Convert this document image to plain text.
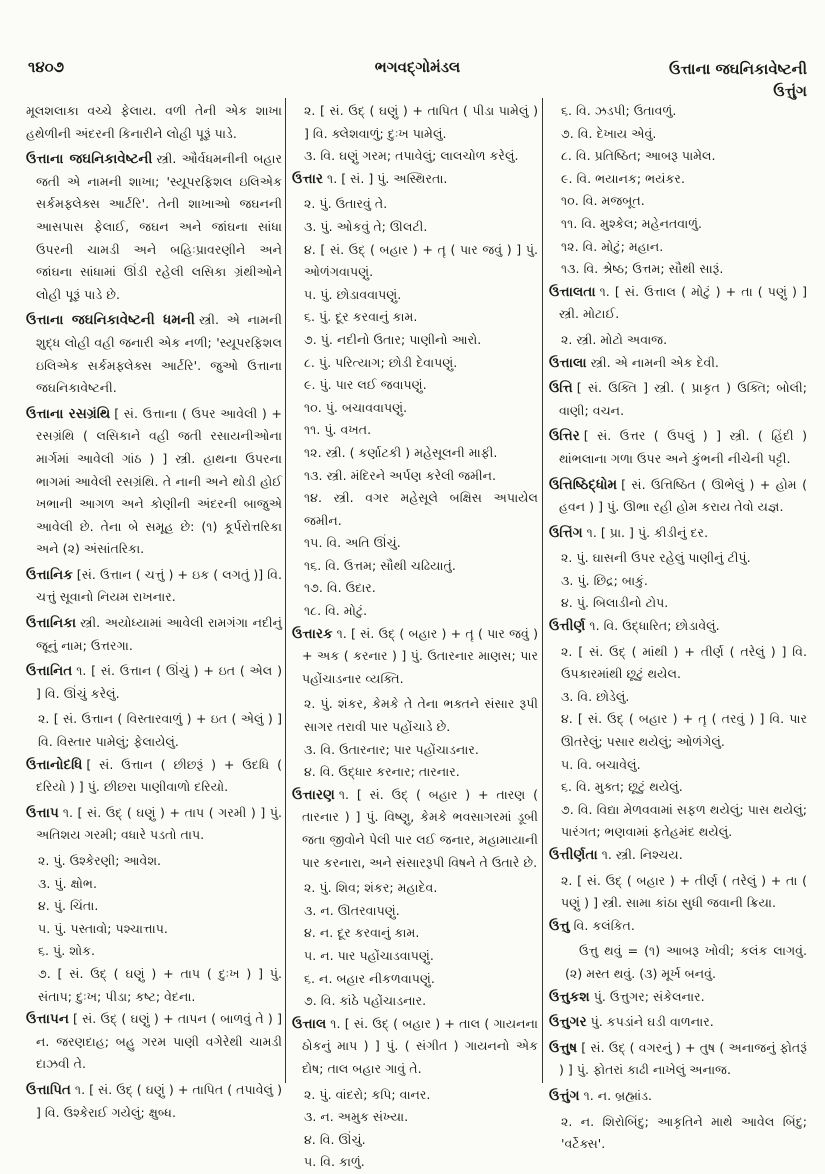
૧૪૦૭	ભગવદ્ગોમંડલ	ઉત્તાના જઘનિકાવેષ્ટની
ઉત્તુંગ
મૂલશલાકા વચ્ચે ફેલાય. વળી તેની એક શાખા હથેળીની અંદરની કિનારીને લોહી પૂરૂં પાડે.
ઉત્તાના જઘનિકાવેષ્ટની સ્ત્રી. ઔર્વધમનીની બહાર જતી એ નામની શાખા; 'સ્યૂપરફિશલ ઇલિએક સર્કમફ્લેક્સ આર્ટરિ'. તેની શાખાઓ જઘનની આસપાસ ફેલાઈ, જઘન અને જાંઘના સાંધા ઉપરની ચામડી અને બહિઃપ્રાવરણીને અને જાંઘના સાંધામાં ઊંડી રહેલી લસિકા ગ્રંથીઓને લોહી પૂરૂં પાડે છે.
ઉત્તાના જઘનિકાવેષ્ટની ધમની સ્ત્રી. એ નામની શુદ્ધ લોહી વહી જનારી એક નળી; 'સ્યૂપરફિશલ ઇલિએક સર્કમફ્લેક્સ આર્ટરિ'. જુઓ ઉત્તાના જઘનિકાવેષ્ટની.
ઉત્તાના રસગ્રંથિ [ સં. ઉત્તાના ( ઉપર આવેલી ) + રસગ્રંથિ ( લસિકાને વહી જતી રસાયનીઓના માર્ગમાં આવેલી ગાંઠ ) ] સ્ત્રી. હાથના ઉપરના ભાગમાં આવેલી રસગ્રંથિ. તે નાની અને થોડી હોઈ ખભાની આગળ અને કોણીની અંદરની બાજુએ આવેલી છે. તેના બે સમૂહ છે: (૧) કૂર્પરોત્તરિકા અને (૨) અંસાંતરિકા.
ઉત્તાનિક [સં. ઉત્તાન ( ચત્તું ) + ઇક ( લગતું )] વિ. ચત્તું સૂવાનો નિયમ રાખનાર.
ઉત્તાનિકા સ્ત્રી. અયોધ્યામાં આવેલી રામગંગા નદીનું જૂનું નામ; ઉત્તરગા.
ઉત્તાનિત ૧. [ સં. ઉત્તાન ( ઊંચું ) + ઇત ( એલ ) ] વિ. ઊંચું કરેલું.
૨. [ સં. ઉત્તાન ( વિસ્તારવાળું ) + ઇત ( એલું ) ] વિ. વિસ્તાર પામેલું; ફેલાયેલું.
ઉત્તાનોદધિ [ સં. ઉત્તાન ( છીછરૂં ) + ઉદધિ ( દરિયો ) ] પું. છીછરા પાણીવાળો દરિયો.
ઉત્તાપ ૧. [ સં. ઉદ્ ( ઘણું ) + તાપ ( ગરમી ) ] પું. અતિશય ગરમી; વધારે પડતો તાપ.
૨. પું. ઉશ્કેરણી; આવેશ.
૩. પું. ક્ષોભ.
૪. પું. ચિંતા.
૫. પું. પસ્તાવો; પશ્ચાત્તાપ.
૬. પું. શોક.
૭. [ સં. ઉદ્ ( ઘણું ) + તાપ ( દુઃખ ) ] પું. સંતાપ; દુઃખ; પીડા; કષ્ટ; વેદના.
ઉત્તાપન [ સં. ઉદ્ ( ઘણું ) + તાપન ( બાળવું તે ) ] ન. જરણદાહ; બહુ ગરમ પાણી વગેરેથી ચામડી દાઝવી તે.
ઉત્તાપિત ૧. [ સં. ઉદ્ ( ઘણું ) + તાપિત ( તપાવેલું ) ] વિ. ઉશ્કેરાઈ ગયેલું; ક્ષુબ્ધ.
૨. [ સં. ઉદ્ ( ઘણું ) + તાપિત ( પીડા પામેલું ) ] વિ. ક્લેશવાળું; દુઃખ પામેલું.
૩. વિ. ઘણું ગરમ; તપાવેલું; લાલચોળ કરેલું.
ઉત્તાર ૧. [ સં. ] પું. અસ્થિરતા.
૨. પું. ઉતારવું તે.
૩. પું. ઓકવું તે; ઊલટી.
૪. [ સં. ઉદ્ ( બહાર ) + તૄ ( પાર જવું ) ] પું. ઓળંગવાપણું.
૫. પું. છોડાવવાપણું.
૬. પું. દૂર કરવાનું કામ.
૭. પું. નદીનો ઉતાર; પાણીનો આરો.
૮. પું. પરિત્યાગ; છોડી દેવાપણું.
૯. પું. પાર લઈ જવાપણું.
૧૦. પું. બચાવવાપણું.
૧૧. પું. વખત.
૧૨. સ્ત્રી. ( કર્ણાટકી ) મહેસૂલની માફી.
૧૩. સ્ત્રી. મંદિરને અર્પણ કરેલી જમીન.
૧૪. સ્ત્રી. વગર મહેસૂલે બક્ષિસ અપાયેલ જમીન.
૧૫. વિ. અતિ ઊંચું.
૧૬. વિ. ઉત્તમ; સૌથી ચઢિયાતું.
૧૭. વિ. ઉદાર.
૧૮. વિ. મોટું.
ઉત્તારક ૧. [ સં. ઉદ્ ( બહાર ) + તૄ ( પાર જવું ) + અક ( કરનાર ) ] પું. ઉતારનાર માણસ; પાર પહોંચાડનાર વ્યક્તિ.
૨. પું. શંકર, કેમકે તે તેના ભક્તને સંસાર રૂપી સાગર તરાવી પાર પહોંચાડે છે.
૩. વિ. ઉતારનાર; પાર પહોંચાડનાર.
૪. વિ. ઉદ્ધાર કરનાર; તારનાર.
ઉત્તારણ ૧. [ સં. ઉદ્ ( બહાર ) + તારણ ( તારનાર ) ] પું. વિષ્ણુ, કેમકે ભવસાગરમાં ડૂબી જતા જીવોને પેલી પાર લઈ જનાર, મહામાયાની પાર કરનારા, અને સંસારરૂપી વિષને તે ઉતારે છે.
૨. પું. શિવ; શંકર; મહાદેવ.
૩. ન. ઊતરવાપણું.
૪. ન. દૂર કરવાનું કામ.
૫. ન. પાર પહોંચાડવાપણું.
૬. ન. બહાર નીકળવાપણું.
૭. વિ. કાંઠે પહોંચાડનાર.
ઉત્તાલ ૧. [ સં. ઉદ્ ( બહાર ) + તાલ ( ગાયનના ઠોકનું માપ ) ] પું. ( સંગીત ) ગાયનનો એક દોષ; તાલ બહાર ગાવું તે.
૨. પું. વાંદરો; કપિ; વાનર.
૩. ન. અમુક સંખ્યા.
૪. વિ. ઊંચું.
૫. વિ. કાળું.
૬. વિ. ઝડપી; ઉતાવળું.
૭. વિ. દેખાય એવું.
૮. વિ. પ્રતિષ્ઠિત; આબરૂ પામેલ.
૯. વિ. ભયાનક; ભયંકર.
૧૦. વિ. મજબૂત.
૧૧. વિ. મુશ્કેલ; મહેનતવાળું.
૧૨. વિ. મોટું; મહાન.
૧૩. વિ. શ્રેષ્ઠ; ઉત્તમ; સૌથી સારૂં.
ઉત્તાલતા ૧. [ સં. ઉત્તાલ ( મોટું ) + તા ( પણું ) ] સ્ત્રી. મોટાઈ.
૨. સ્ત્રી. મોટો અવાજ.
ઉત્તાલા સ્ત્રી. એ નામની એક દેવી.
ઉત્તિ [ સં. ઉક્તિ ] સ્ત્રી. ( પ્રાકૃત ) ઉક્તિ; બોલી; વાણી; વચન.
ઉત્તિર [ સં. ઉત્તર ( ઉપલું ) ] સ્ત્રી. ( હિંદી ) થાંભલાના ગળા ઉપર અને કુંભની નીચેની પટ્ટી.
ઉત્તિષ્ઠિદ્ધોમ [ સં. ઉત્તિષ્ઠિત ( ઊભેલું ) + હોમ ( હવન ) ] પું. ઊભા રહી હોમ કરાય તેવો યજ્ઞ.
ઉત્તિંગ ૧. [ પ્રા. ] પું. કીડીનું દર.
૨. પું. ઘાસની ઉપર રહેલું પાણીનું ટીપું.
૩. પું. છિદ્ર; બાકું.
૪. પું. બિલાડીનો ટોપ.
ઉત્તીર્ણ ૧. વિ. ઉદ્ધારિત; છોડાવેલું.
૨. [ સં. ઉદ્ ( માંથી ) + તીર્ણ ( તરેલું ) ] વિ. ઉપકારમાંથી છૂટું થયેલ.
૩. વિ. છોડેલું.
૪. [ સં. ઉદ્ ( બહાર ) + તૄ ( તરવું ) ] વિ. પાર ઊતરેલું; પસાર થયેલું; ઓળંગેલું.
૫. વિ. બચાવેલું.
૬. વિ. મુક્ત; છૂટું થયેલું.
૭. વિ. વિદ્યા મેળવવામાં સફળ થયેલું; પાસ થયેલું; પારંગત; ભણવામાં ફતેહમંદ થયેલું.
ઉત્તીર્ણતા ૧. સ્ત્રી. નિશ્ચય.
૨. [ સં. ઉદ્ ( બહાર ) + તીર્ણ ( તરેલું ) + તા ( પણું ) ] સ્ત્રી. સામા કાંઠા સુધી જવાની ક્રિયા.
ઉત્તુ વિ. કલંકિત.
ઉત્તુ થવું = (૧) આબરૂ ખોવી; કલંક લાગવું. (૨) મસ્ત થવું. (૩) મૂર્ખ બનવું.
ઉત્તુકશ પું. ઉત્તુગર; સંકેલનાર.
ઉત્તુગર પું. કપડાંને ઘડી વાળનાર.
ઉત્તુષ [ સં. ઉદ્ ( વગરનું ) + તુષ ( અનાજનું ફોતરૂં ) ] પું. ફોતરાં કાઢી નાખેલું અનાજ.
ઉત્તુંગ ૧. ન. બ્રહ્માંડ.
૨. ન. શિરોબિંદુ; આકૃતિને માથે આવેલ બિંદુ; 'વર્ટેક્સ'.
